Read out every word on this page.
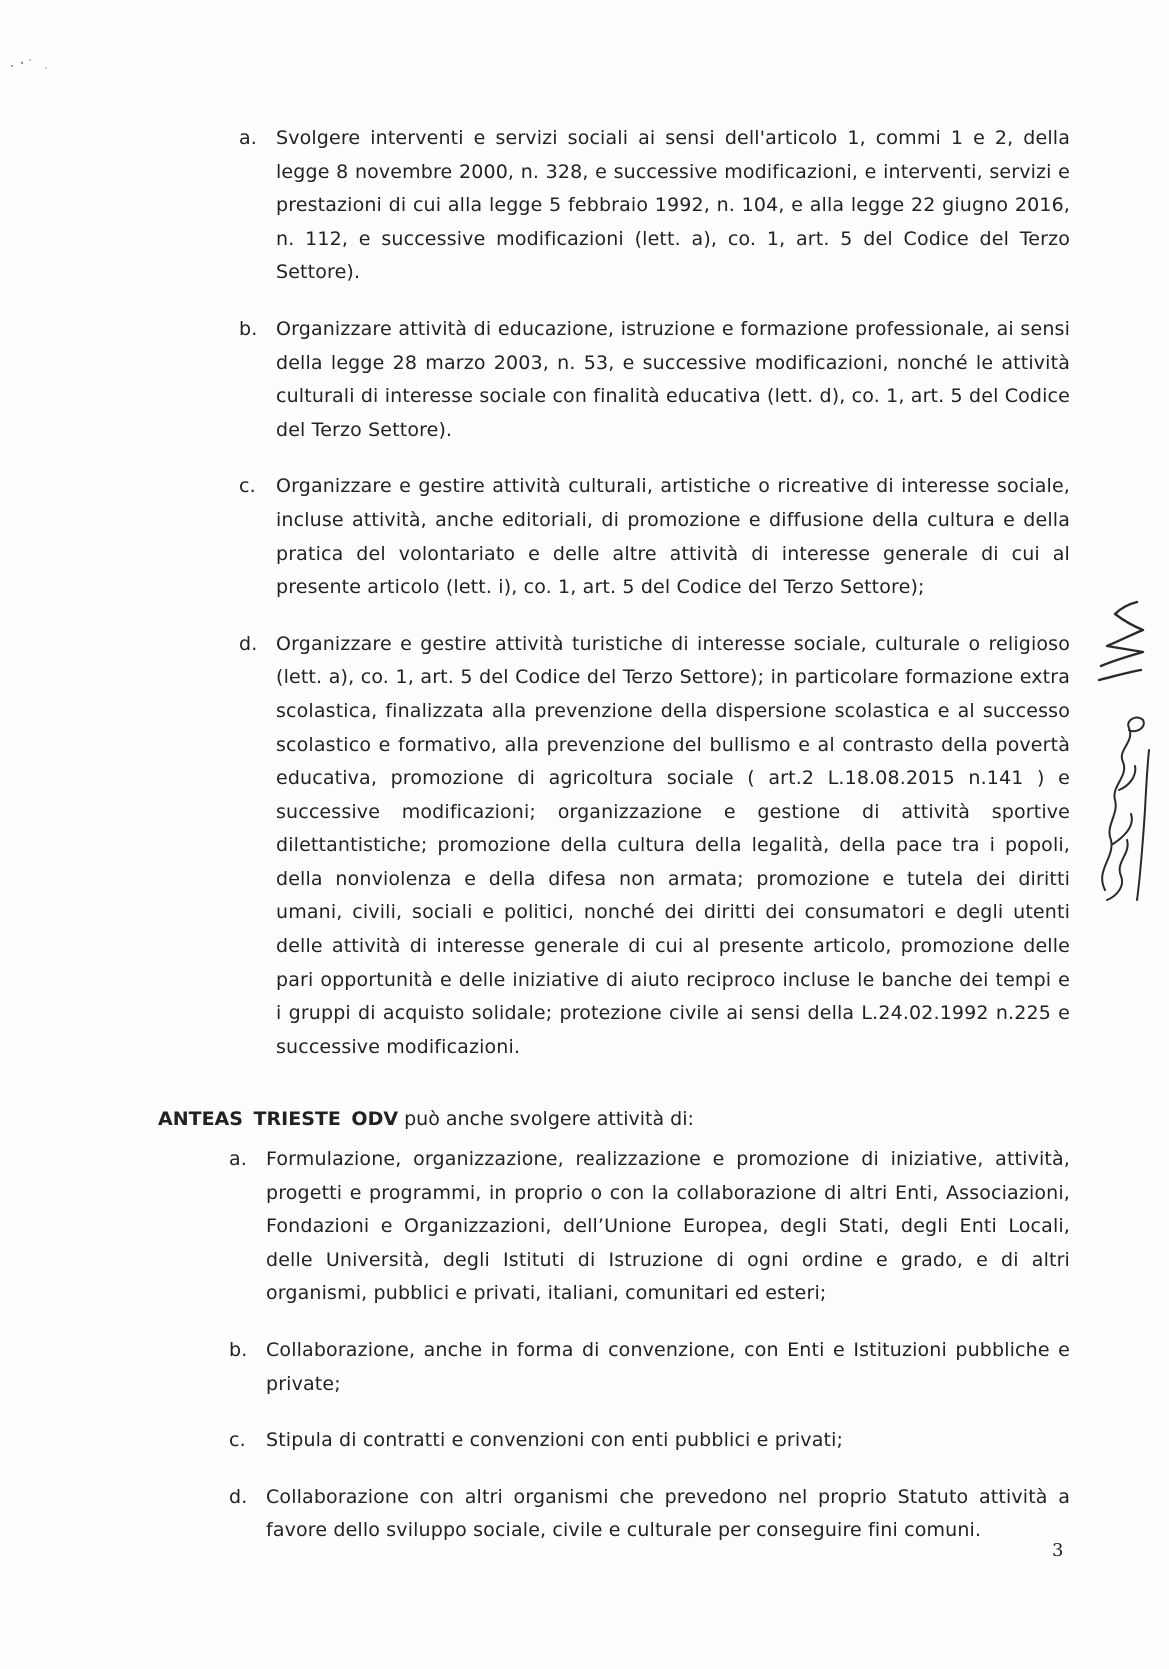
a. Svolgere interventi e servizi sociali ai sensi dell'articolo 1, commi 1 e 2, della legge 8 novembre 2000, n. 328, e successive modificazioni, e interventi, servizi e prestazioni di cui alla legge 5 febbraio 1992, n. 104, e alla legge 22 giugno 2016, n. 112, e successive modificazioni (lett. a), co. 1, art. 5 del Codice del Terzo Settore).
b. Organizzare attività di educazione, istruzione e formazione professionale, ai sensi della legge 28 marzo 2003, n. 53, e successive modificazioni, nonché le attività culturali di interesse sociale con finalità educativa (lett. d), co. 1, art. 5 del Codice del Terzo Settore).
c. Organizzare e gestire attività culturali, artistiche o ricreative di interesse sociale, incluse attività, anche editoriali, di promozione e diffusione della cultura e della pratica del volontariato e delle altre attività di interesse generale di cui al presente articolo (lett. i), co. 1, art. 5 del Codice del Terzo Settore);
d. Organizzare e gestire attività turistiche di interesse sociale, culturale o religioso (lett. a), co. 1, art. 5 del Codice del Terzo Settore); in particolare formazione extra scolastica, finalizzata alla prevenzione della dispersione scolastica e al successo scolastico e formativo, alla prevenzione del bullismo e al contrasto della povertà educativa, promozione di agricoltura sociale ( art.2 L.18.08.2015 n.141 ) e successive modificazioni; organizzazione e gestione di attività sportive dilettantistiche; promozione della cultura della legalità, della pace tra i popoli, della nonviolenza e della difesa non armata; promozione e tutela dei diritti umani, civili, sociali e politici, nonché dei diritti dei consumatori e degli utenti delle attività di interesse generale di cui al presente articolo, promozione delle pari opportunità e delle iniziative di aiuto reciproco incluse le banche dei tempi e i gruppi di acquisto solidale; protezione civile ai sensi della L.24.02.1992 n.225 e successive modificazioni.

ANTEAS TRIESTE ODV può anche svolgere attività di:

a. Formulazione, organizzazione, realizzazione e promozione di iniziative, attività, progetti e programmi, in proprio o con la collaborazione di altri Enti, Associazioni, Fondazioni e Organizzazioni, dell’Unione Europea, degli Stati, degli Enti Locali, delle Università, degli Istituti di Istruzione di ogni ordine e grado, e di altri organismi, pubblici e privati, italiani, comunitari ed esteri;
b. Collaborazione, anche in forma di convenzione, con Enti e Istituzioni pubbliche e private;
c. Stipula di contratti e convenzioni con enti pubblici e privati;
d. Collaborazione con altri organismi che prevedono nel proprio Statuto attività a favore dello sviluppo sociale, civile e culturale per conseguire fini comuni.
3
